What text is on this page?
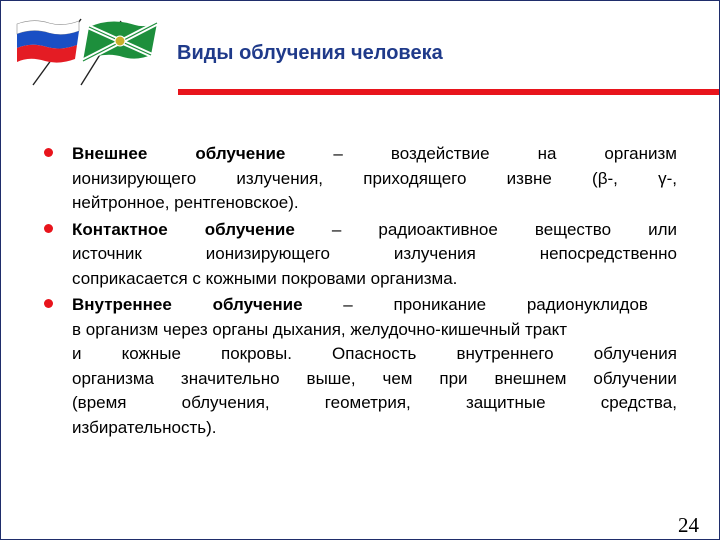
Виды облучения человека
Внешнее	облучение	–	воздействие	на	организм
ионизирующего излучения, приходящего извне (β-, γ-,
нейтронное, рентгеновское).
Контактное облучение – радиоактивное вещество или
источник	ионизирующего	излучения	непосредственно
соприкасается с кожными покровами организма.
Внутреннее облучение – проникание радионуклидов
в организм через органы дыхания, желудочно-кишечный тракт
и кожные покровы. Опасность внутреннего облучения
организма значительно выше, чем при внешнем облучении
(время	облучения,	геометрия,	защитные	средства,
избирательность).
24
